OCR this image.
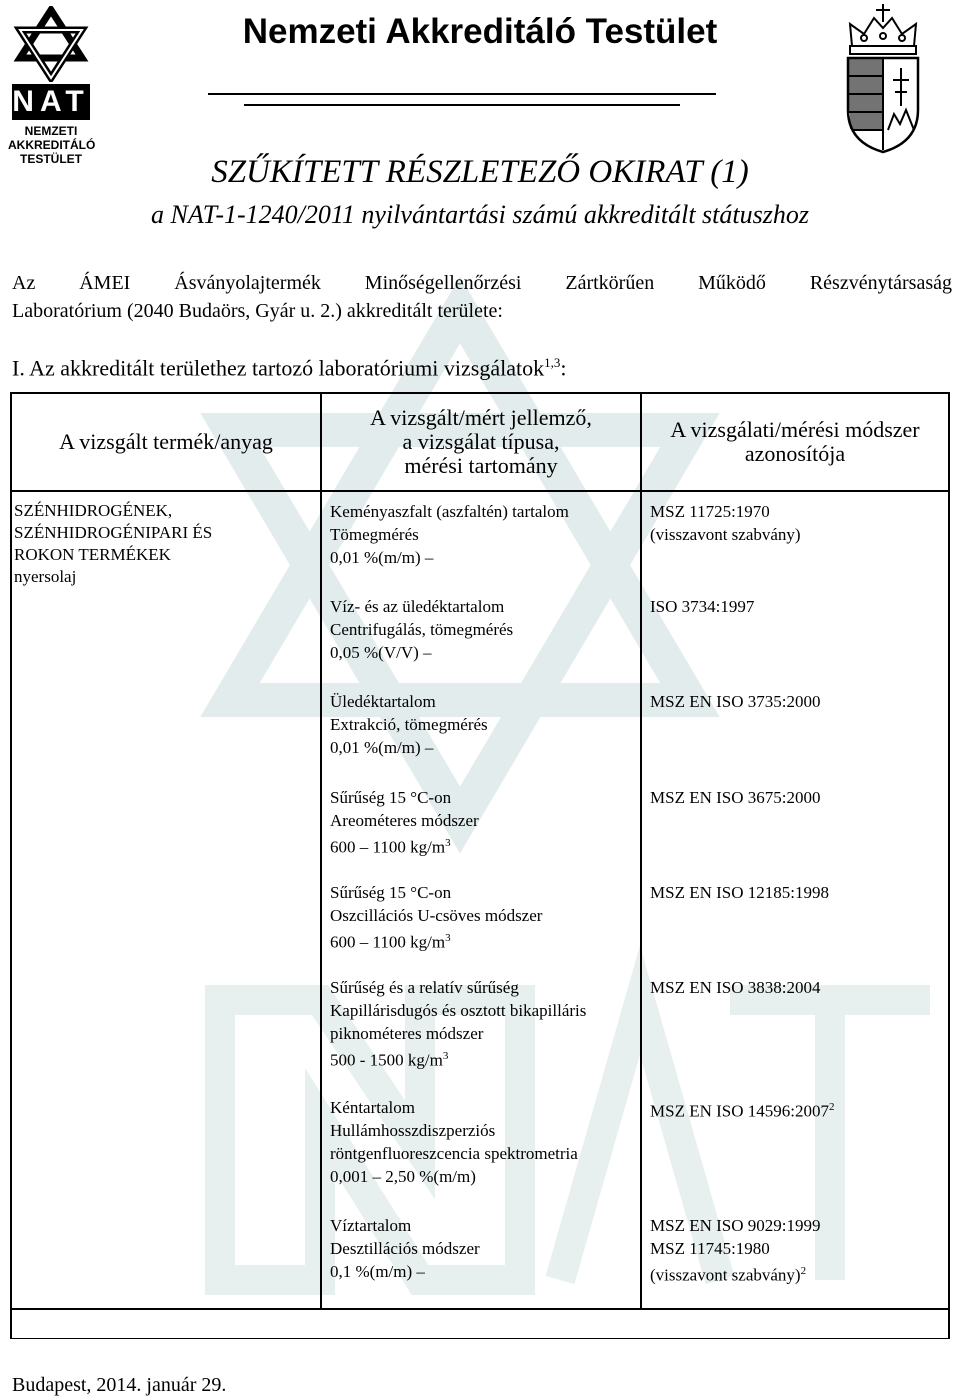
NAT
NEMZETI
AKKREDITÁLÓ
TESTÜLET
Nemzeti Akkreditáló Testület
SZŰKÍTETT RÉSZLETEZŐ OKIRAT (1)
a NAT-1-1240/2011 nyilvántartási számú akkreditált státuszhoz
Az ÁMEI Ásványolajtermék Minőségellenőrzési Zártkörűen Működő Részvénytársaság
Laboratórium (2040 Budaörs, Gyár u. 2.) akkreditált területe:
I. Az akkreditált területhez tartozó laboratóriumi vizsgálatok$^{1,3}$:
A vizsgált termék/anyag
A vizsgált/mért jellemző,
a vizsgálat típusa,
mérési tartomány
A vizsgálati/mérési módszer
azonosítója
SZÉNHIDROGÉNEK,
SZÉNHIDROGÉNIPARI ÉS
ROKON TERMÉKEK
nyersolaj
Keményaszfalt (aszfaltén) tartalom
Tömegmérés
0,01 %(m/m) –
MSZ 11725:1970
(visszavont szabvány)
Víz- és az üledéktartalom
Centrifugálás, tömegmérés
0,05 %(V/V) –
ISO 3734:1997
Üledéktartalom
Extrakció, tömegmérés
0,01 %(m/m) –
MSZ EN ISO 3735:2000
Sűrűség 15 °C-on
Areométeres módszer
600 – 1100 $kg/m^3$
MSZ EN ISO 3675:2000
Sűrűség 15 °C-on
Oszcillációs U-csöves módszer
600 – 1100 $kg/m^3$
MSZ EN ISO 12185:1998
Sűrűség és a relatív sűrűség
Kapillárisdugós és osztott bikapilláris
piknométeres módszer
500 - 1500 $kg/m^3$
MSZ EN ISO 3838:2004
Kéntartalom
Hullámhosszdiszperziós
röntgenfluoreszcencia spektrometria
0,001 – 2,50 %(m/m)
MSZ EN ISO 14596:2007$^2$
Víztartalom
Desztillációs módszer
0,1 %(m/m) –
MSZ EN ISO 9029:1999
MSZ 11745:1980
(visszavont szabvány)$^2$
Budapest, 2014. január 29.
